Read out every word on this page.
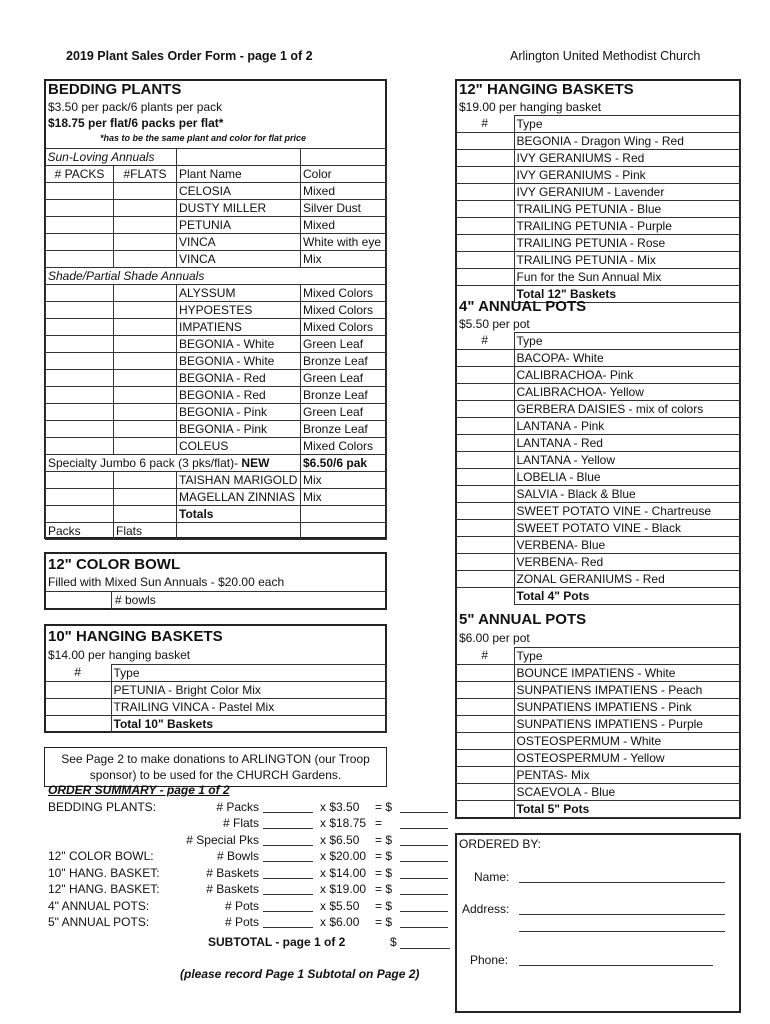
2019 Plant Sales Order Form - page 1 of 2	Arlington United Methodist Church
BEDDING PLANTS
$3.50 per pack/6 plants per pack
$18.75 per flat/6 packs per flat*
*has to be the same plant and color for flat price
Sun-Loving Annuals			
# PACKS	#FLATS	Plant Name	Color
		CELOSIA	Mixed
		DUSTY MILLER	Silver Dust
		PETUNIA	Mixed
		VINCA	White with eye
		VINCA	Mix
Shade/Partial Shade Annuals			
		ALYSSUM	Mixed Colors
		HYPOESTES	Mixed Colors
		IMPATIENS	Mixed Colors
		BEGONIA - White	Green Leaf
		BEGONIA - White	Bronze Leaf
		BEGONIA - Red	Green Leaf
		BEGONIA - Red	Bronze Leaf
		BEGONIA - Pink	Green Leaf
		BEGONIA - Pink	Bronze Leaf
		COLEUS	Mixed Colors
Specialty Jumbo 6 pack (3 pks/flat)- NEW			$6.50/6 pak
		TAISHAN MARIGOLD	Mix
		MAGELLAN ZINNIAS	Mix
		Totals	
Packs	Flats		
12" COLOR BOWL
Filled with Mixed Sun Annuals - $20.00 each
# bowls
10" HANGING BASKETS
$14.00 per hanging basket
#	Type
	PETUNIA - Bright Color Mix
	TRAILING VINCA - Pastel Mix
	Total 10" Baskets
See Page 2 to make donations to ARLINGTON (our Troop
sponsor) to be used for the CHURCH Gardens.
ORDER SUMMARY - page 1 of 2
BEDDING PLANTS:	# Packs	x $3.50 = $
# Flats	x $18.75 =
# Special Pks	x $6.50 = $
12" COLOR BOWL:	# Bowls	x $20.00 = $
10" HANG. BASKET:	# Baskets	x $14.00 = $
12" HANG. BASKET:	# Baskets	x $19.00 = $
4" ANNUAL POTS:	# Pots	x $5.50 = $
5" ANNUAL POTS:	# Pots	x $6.00 = $
SUBTOTAL - page 1 of 2	$
(please record Page 1 Subtotal on Page 2)
12" HANGING BASKETS
$19.00 per hanging basket
#	Type
	BEGONIA - Dragon Wing - Red
	IVY GERANIUMS - Red
	IVY GERANIUMS - Pink
	IVY GERANIUM - Lavender
	TRAILING PETUNIA - Blue
	TRAILING PETUNIA - Purple
	TRAILING PETUNIA - Rose
	TRAILING PETUNIA - Mix
	Fun for the Sun Annual Mix
	Total 12" Baskets
4" ANNUAL POTS
$5.50 per pot
#	Type
	BACOPA- White
	CALIBRACHOA- Pink
	CALIBRACHOA- Yellow
	GERBERA DAISIES - mix of colors
	LANTANA - Pink
	LANTANA - Red
	LANTANA - Yellow
	LOBELIA - Blue
	SALVIA - Black & Blue
	SWEET POTATO VINE - Chartreuse
	SWEET POTATO VINE - Black
	VERBENA- Blue
	VERBENA- Red
	ZONAL GERANIUMS - Red
	Total 4" Pots
5" ANNUAL POTS
$6.00 per pot
#	Type
	BOUNCE IMPATIENS - White
	SUNPATIENS IMPATIENS - Peach
	SUNPATIENS IMPATIENS - Pink
	SUNPATIENS IMPATIENS - Purple
	OSTEOSPERMUM - White
	OSTEOSPERMUM - Yellow
	PENTAS- Mix
	SCAEVOLA - Blue
	Total 5" Pots
ORDERED BY:
Name:
Address:
Phone:
